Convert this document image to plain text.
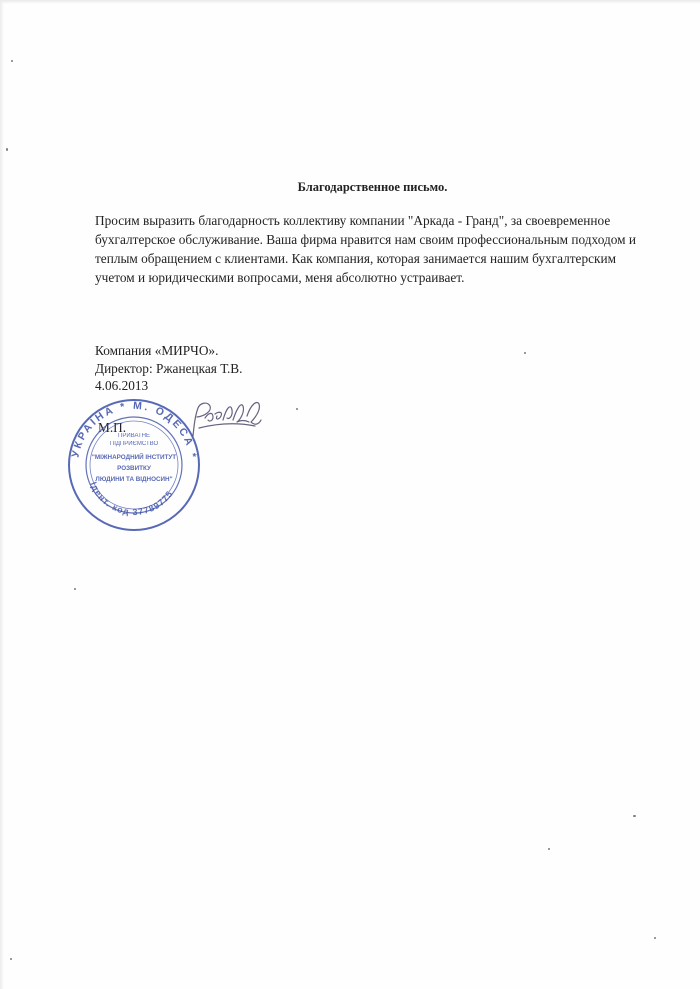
Благодарственное письмо.

Просим выразить благодарность коллективу компании "Аркада - Гранд", за своевременное бухгалтерское обслуживание. Ваша фирма нравится нам своим профессиональным подходом и теплым обращением с клиентами. Как компания, которая занимается нашим бухгалтерским учетом и юридическими вопросами, меня абсолютно устраивает.

Компания «МИРЧО».
Директор: Ржанецкая Т.В.
4.06.2013
М.П.
УКРАЇНА * М. ОДЕСА *
Ідент. код 37789775
ПРИВАТНЕ
ПІДПРИЄМСТВО
"МІЖНАРОДНИЙ ІНСТИТУТ
РОЗВИТКУ
ЛЮДИНИ ТА ВІДНОСИН"
